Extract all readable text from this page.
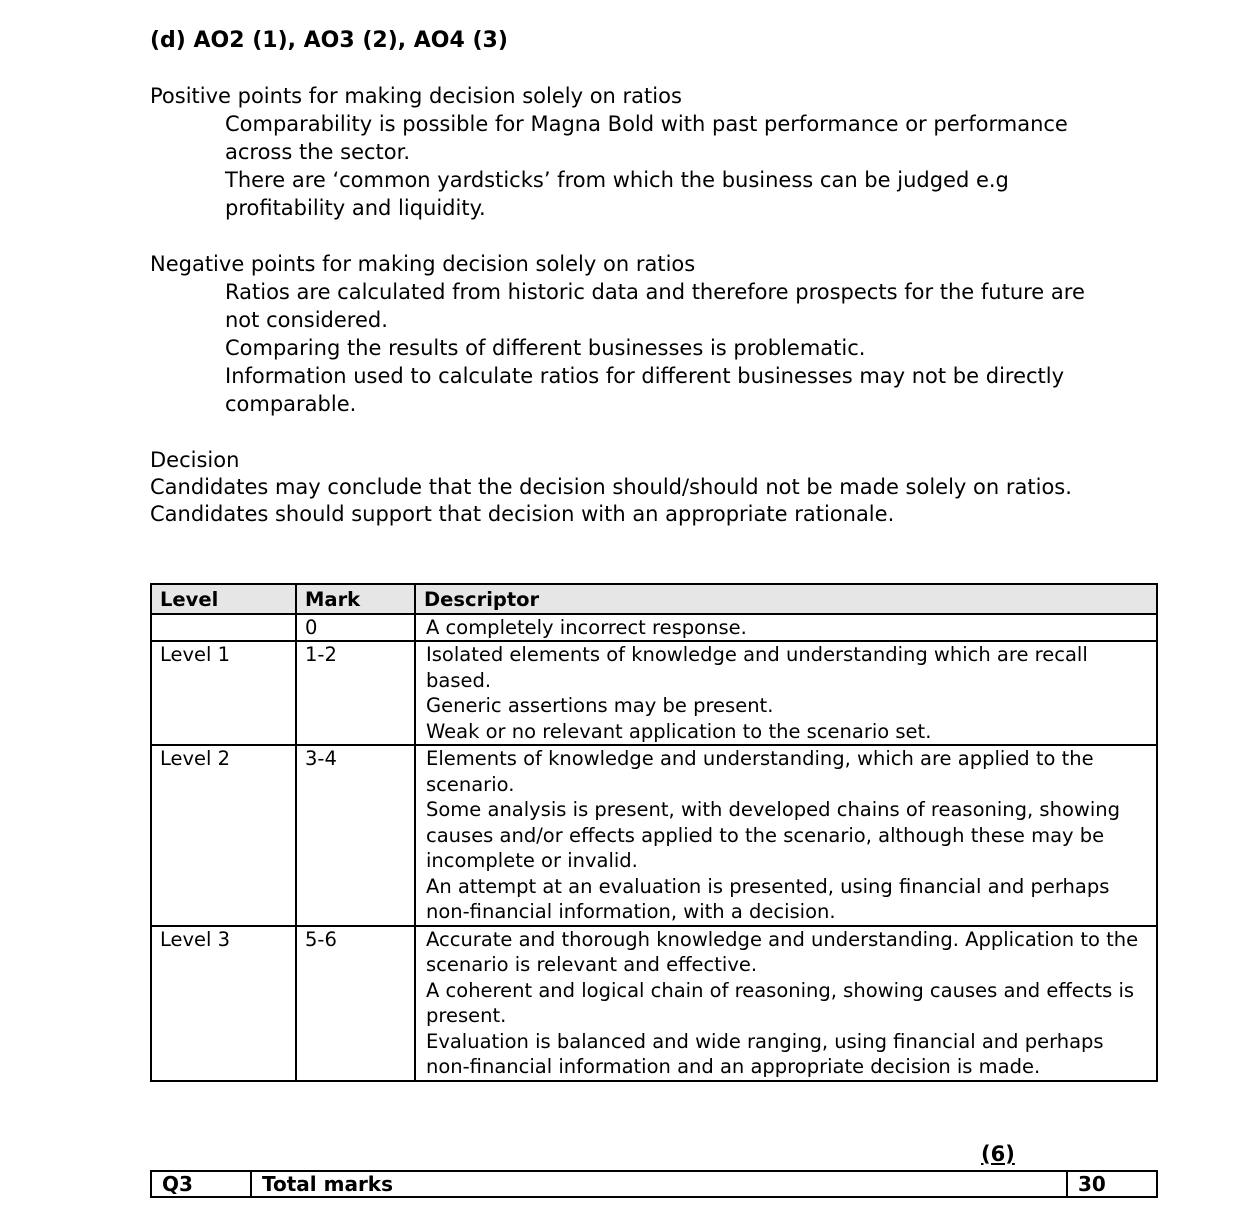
(d) AO2 (1), AO3 (2), AO4 (3)

Positive points for making decision solely on ratios

Comparability is possible for Magna Bold with past performance or performance across the sector.

There are ‘common yardsticks’ from which the business can be judged e.g profitability and liquidity.

Negative points for making decision solely on ratios

Ratios are calculated from historic data and therefore prospects for the future are not considered.

Comparing the results of different businesses is problematic.

Information used to calculate ratios for different businesses may not be directly comparable.

Decision

Candidates may conclude that the decision should/should not be made solely on ratios. Candidates should support that decision with an appropriate rationale.

Level	Mark	Descriptor
	0	A completely incorrect response.

Level 1	1-2	Isolated elements of knowledge and understanding which are recall based.
Generic assertions may be present.
Weak or no relevant application to the scenario set.

Level 2	3-4	Elements of knowledge and understanding, which are applied to the scenario.
Some analysis is present, with developed chains of reasoning, showing causes and/or effects applied to the scenario, although these may be incomplete or invalid.
An attempt at an evaluation is presented, using financial and perhaps non-financial information, with a decision.

Level 3	5-6	Accurate and thorough knowledge and understanding. Application to the scenario is relevant and effective.
A coherent and logical chain of reasoning, showing causes and effects is present.
Evaluation is balanced and wide ranging, using financial and perhaps non-financial information and an appropriate decision is made.
(6)
Q3	Total marks	30
